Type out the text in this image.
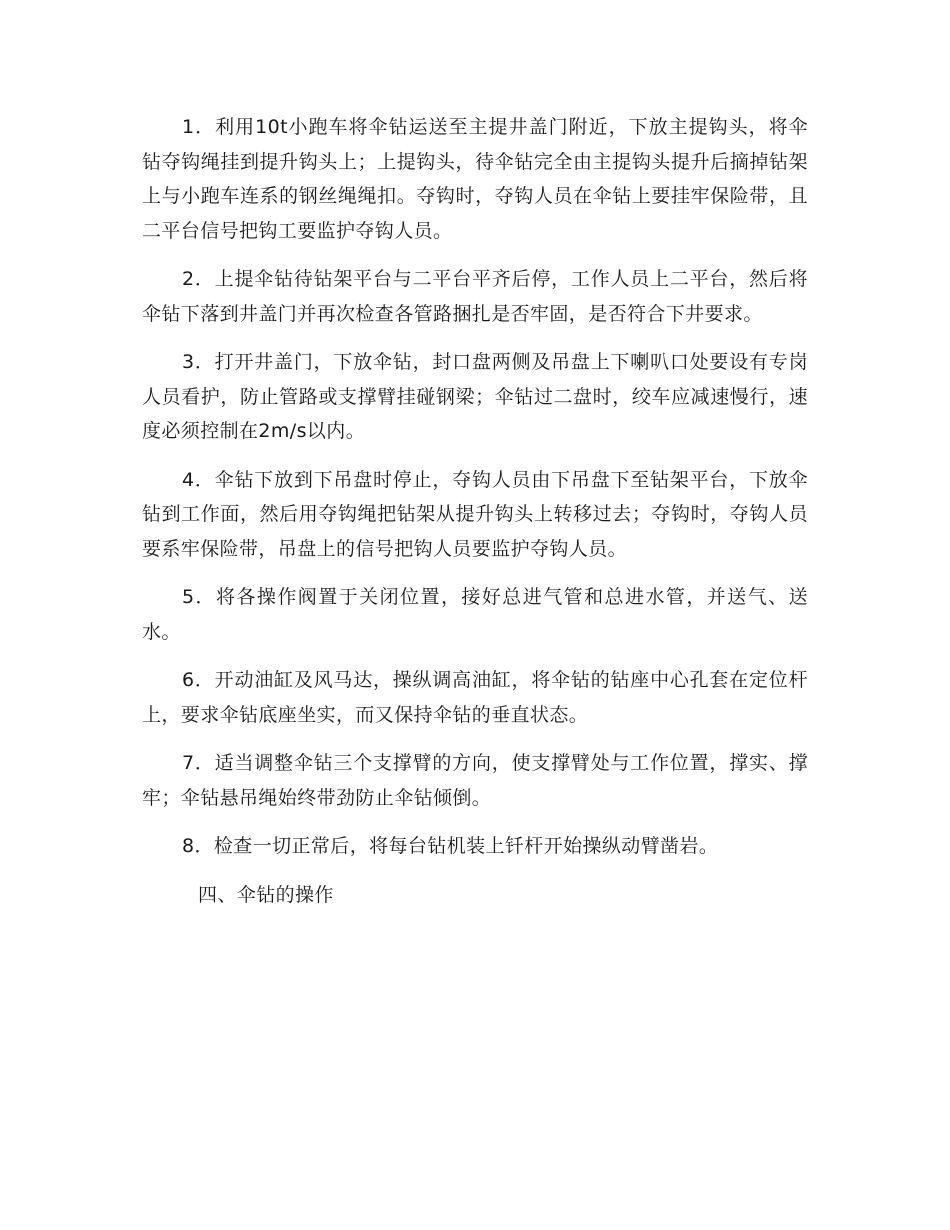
1．利用10t小跑车将伞钻运送至主提井盖门附近，下放主提钩头，将伞钻夺钩绳挂到提升钩头上；上提钩头，待伞钻完全由主提钩头提升后摘掉钻架上与小跑车连系的钢丝绳绳扣。夺钩时，夺钩人员在伞钻上要挂牢保险带，且二平台信号把钩工要监护夺钩人员。

2．上提伞钻待钻架平台与二平台平齐后停，工作人员上二平台，然后将伞钻下落到井盖门并再次检查各管路捆扎是否牢固，是否符合下井要求。

3．打开井盖门，下放伞钻，封口盘两侧及吊盘上下喇叭口处要设有专岗人员看护，防止管路或支撑臂挂碰钢梁；伞钻过二盘时，绞车应减速慢行，速度必须控制在2m/s以内。

4．伞钻下放到下吊盘时停止，夺钩人员由下吊盘下至钻架平台，下放伞钻到工作面，然后用夺钩绳把钻架从提升钩头上转移过去；夺钩时，夺钩人员要系牢保险带，吊盘上的信号把钩人员要监护夺钩人员。

5．将各操作阀置于关闭位置，接好总进气管和总进水管，并送气、送水。

6．开动油缸及风马达，操纵调高油缸，将伞钻的钻座中心孔套在定位杆上，要求伞钻底座坐实，而又保持伞钻的垂直状态。

7．适当调整伞钻三个支撑臂的方向，使支撑臂处与工作位置，撑实、撑牢；伞钻悬吊绳始终带劲防止伞钻倾倒。

8．检查一切正常后，将每台钻机装上钎杆开始操纵动臂凿岩。

四、伞钻的操作
